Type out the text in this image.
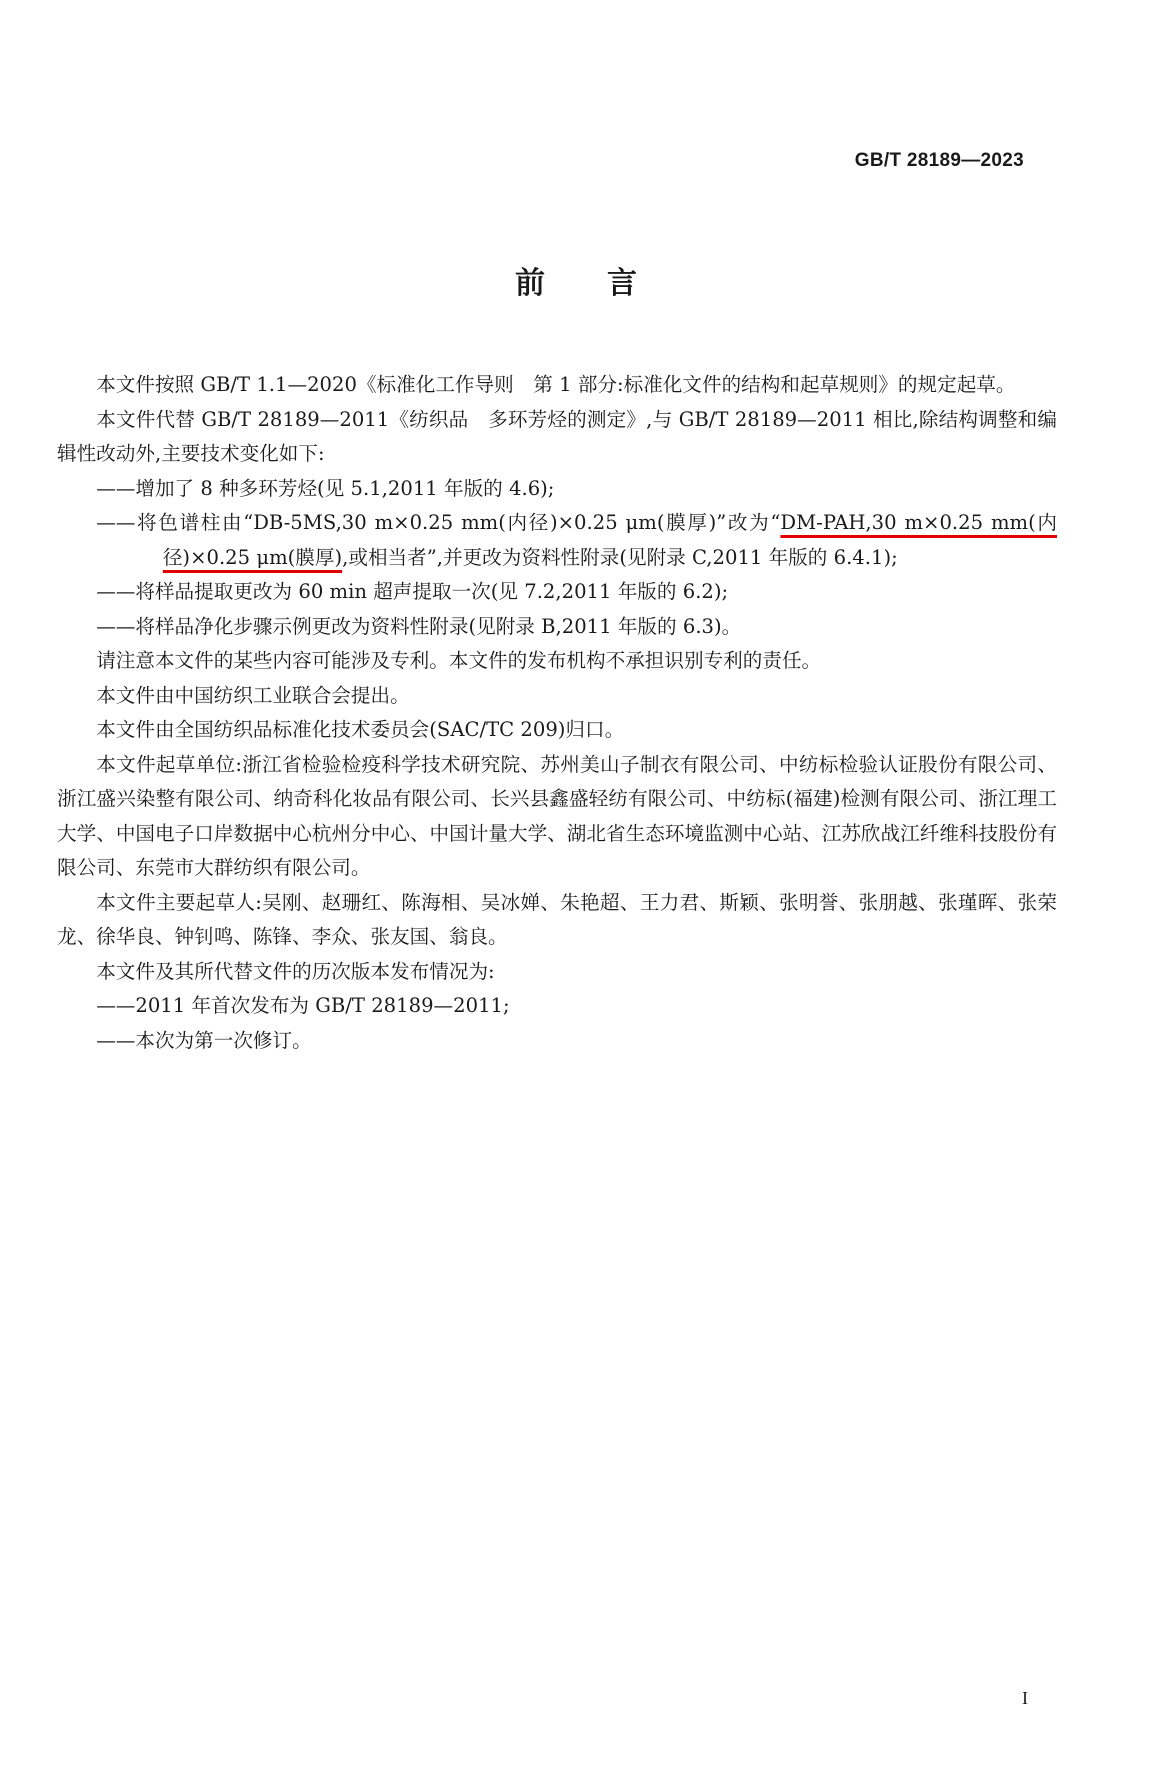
GB/T 28189—2023
前言

本文件按照 GB/T 1.1—2020《标准化工作导则　第 1 部分:标准化文件的结构和起草规则》的规定起草。

本文件代替 GB/T 28189—2011《纺织品　多环芳烃的测定》,与 GB/T 28189—2011 相比,除结构调整和编辑性改动外,主要技术变化如下:

——增加了 8 种多环芳烃(见 5.1,2011 年版的 4.6);

——将色谱柱由“DB-5MS,30 m×0.25 mm(内径)×0.25 μm(膜厚)”改为“DM-PAH,30 m×0.25 mm(内径)×0.25 μm(膜厚),或相当者”,并更改为资料性附录(见附录 C,2011 年版的 6.4.1);

——将样品提取更改为 60 min 超声提取一次(见 7.2,2011 年版的 6.2);

——将样品净化步骤示例更改为资料性附录(见附录 B,2011 年版的 6.3)。

请注意本文件的某些内容可能涉及专利。本文件的发布机构不承担识别专利的责任。

本文件由中国纺织工业联合会提出。

本文件由全国纺织品标准化技术委员会(SAC/TC 209)归口。

本文件起草单位:浙江省检验检疫科学技术研究院、苏州美山子制衣有限公司、中纺标检验认证股份有限公司、浙江盛兴染整有限公司、纳奇科化妆品有限公司、长兴县鑫盛轻纺有限公司、中纺标(福建)检测有限公司、浙江理工大学、中国电子口岸数据中心杭州分中心、中国计量大学、湖北省生态环境监测中心站、江苏欣战江纤维科技股份有限公司、东莞市大群纺织有限公司。

本文件主要起草人:吴刚、赵珊红、陈海相、吴冰婵、朱艳超、王力君、斯颖、张明誉、张朋越、张瑾晖、张荣龙、徐华良、钟钊鸣、陈锋、李众、张友国、翁良。

本文件及其所代替文件的历次版本发布情况为:

——2011 年首次发布为 GB/T 28189—2011;

——本次为第一次修订。

I
